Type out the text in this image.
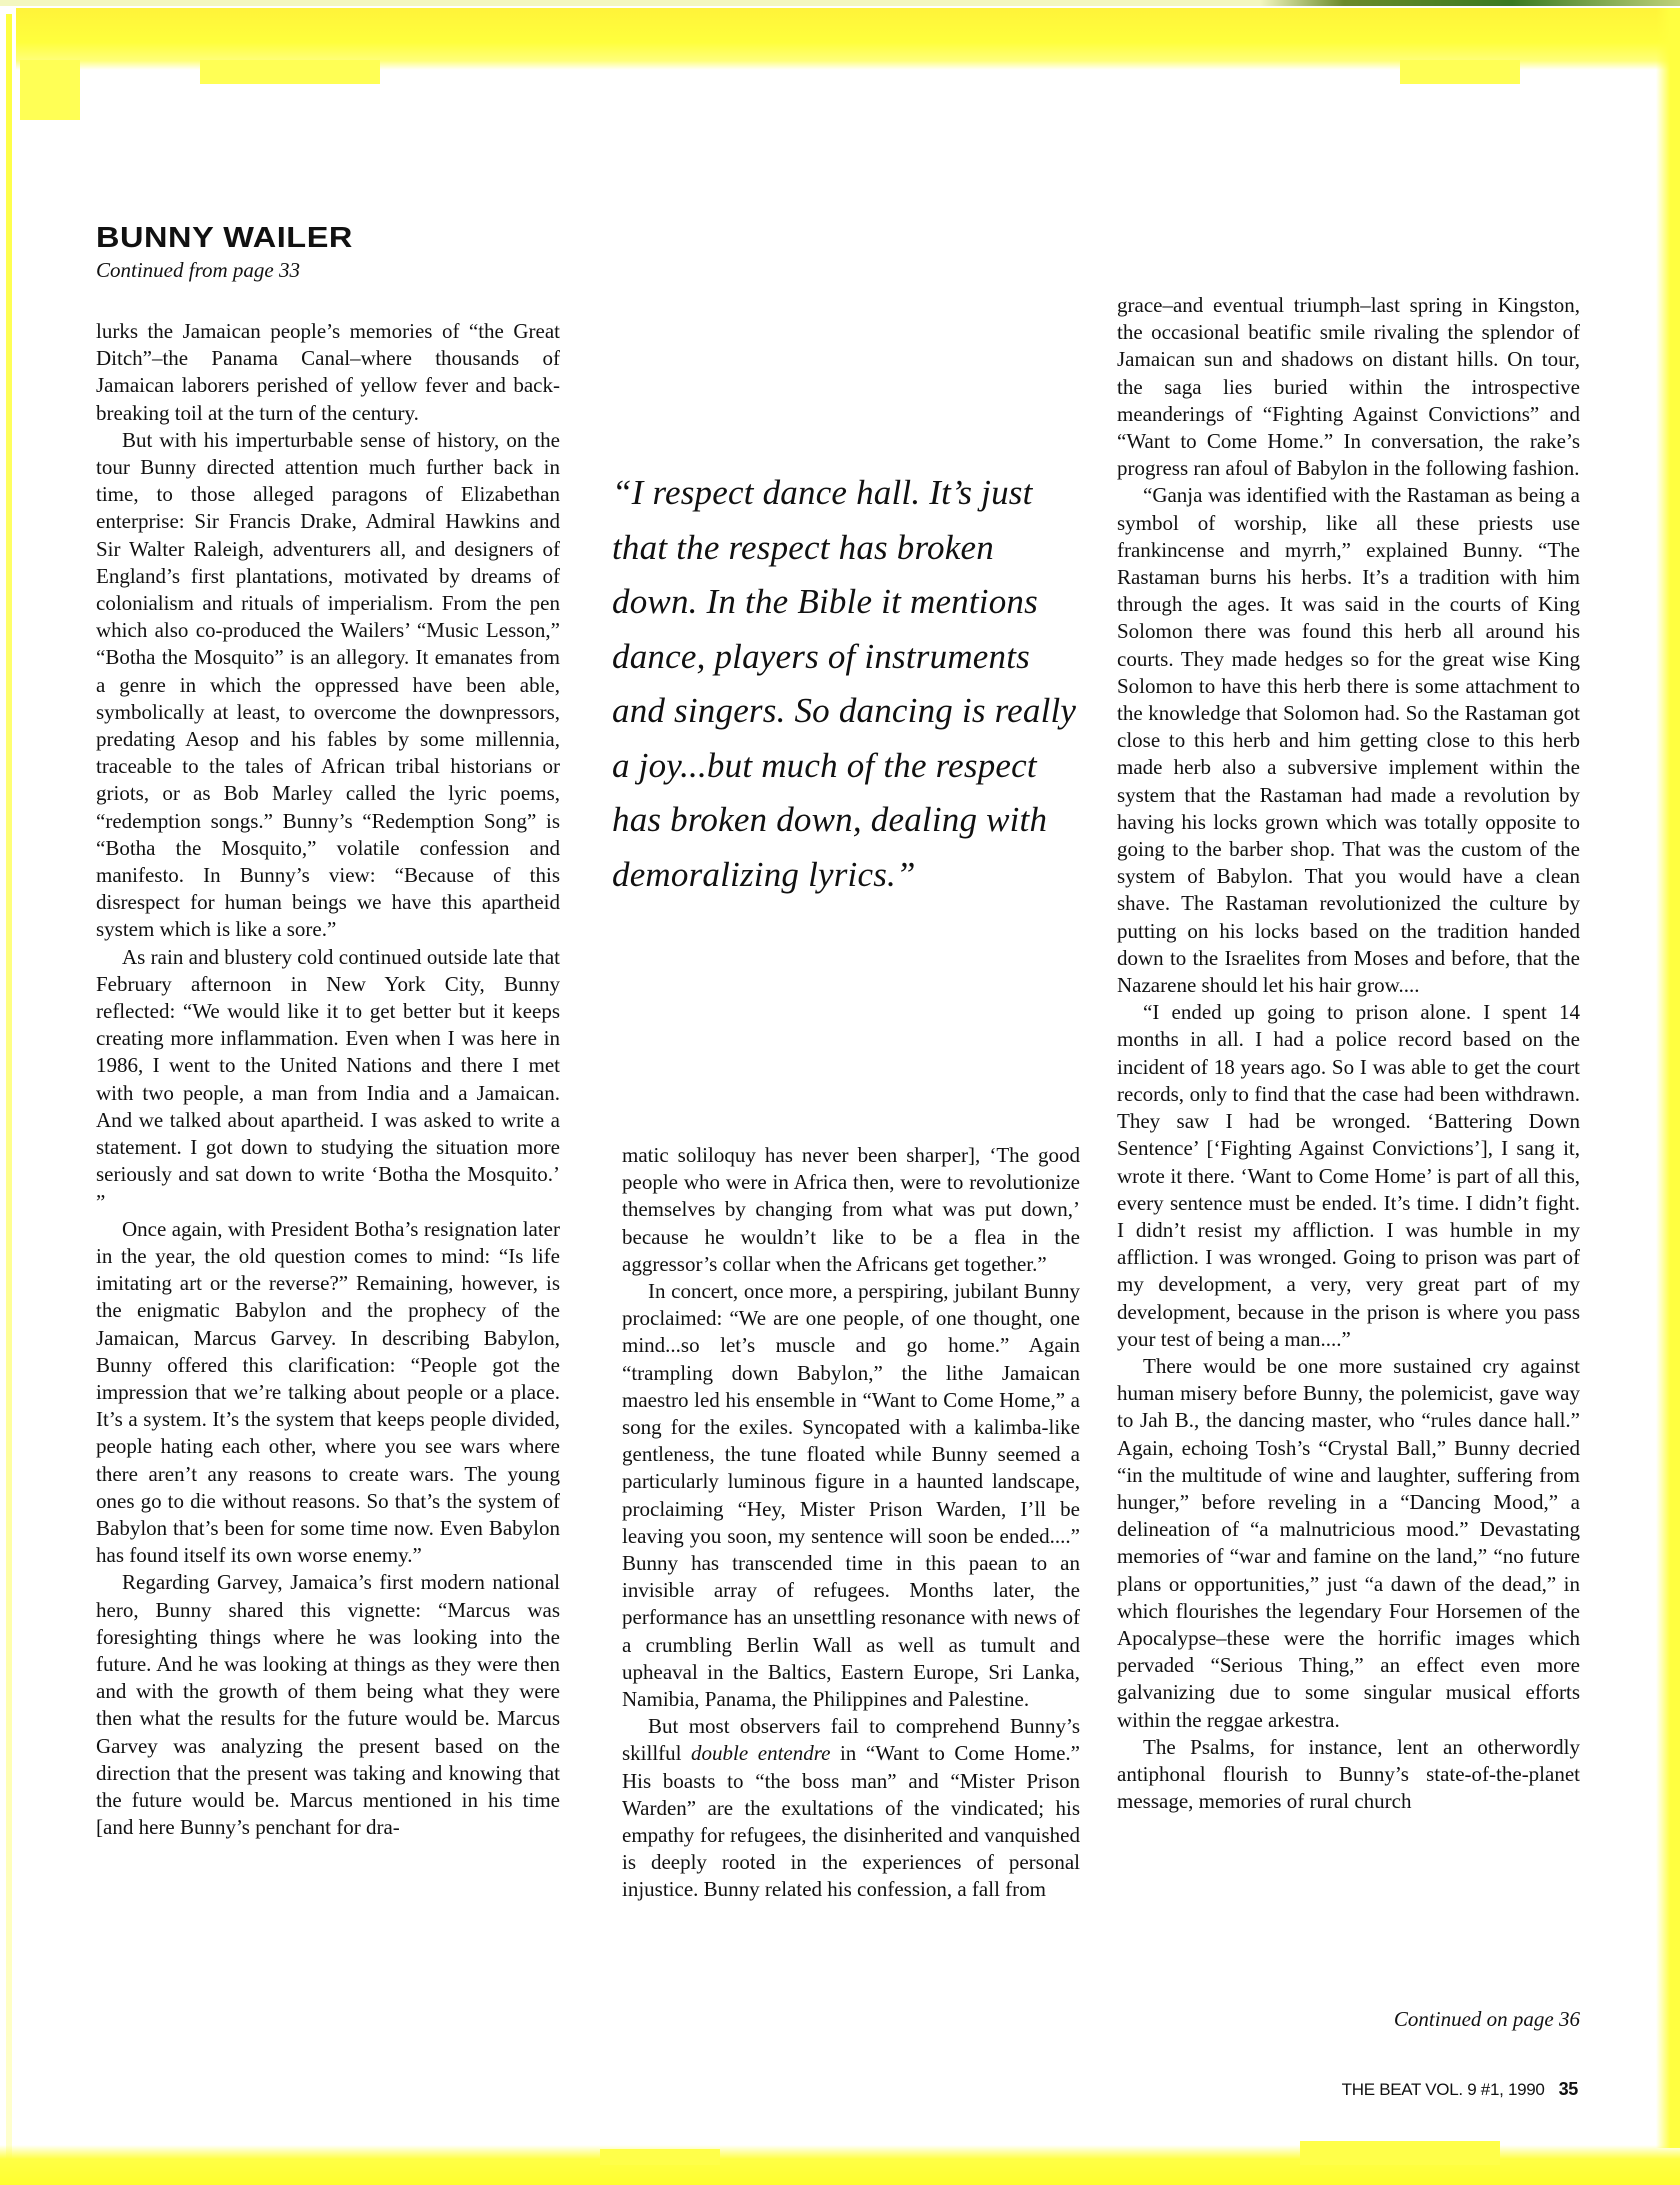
BUNNY WAILER

Continued from page 33

lurks the Jamaican people’s memories of “the Great Ditch”–the Panama Canal–where thousands of Jamaican laborers perished of yellow fever and back-breaking toil at the turn of the century.

But with his imperturbable sense of history, on the tour Bunny directed attention much further back in time, to those alleged paragons of Elizabethan enterprise: Sir Francis Drake, Admiral Hawkins and Sir Walter Raleigh, adventurers all, and designers of England’s first plantations, motivated by dreams of colonialism and rituals of imperialism. From the pen which also co-produced the Wailers’ “Music Lesson,” “Botha the Mosquito” is an allegory. It emanates from a genre in which the oppressed have been able, symbolically at least, to overcome the downpressors, predating Aesop and his fables by some millennia, traceable to the tales of African tribal historians or griots, or as Bob Marley called the lyric poems, “redemption songs.” Bunny’s “Redemption Song” is “Botha the Mosquito,” volatile confession and manifesto. In Bunny’s view: “Because of this disrespect for human beings we have this apartheid system which is like a sore.”

As rain and blustery cold continued outside late that February afternoon in New York City, Bunny reflected: “We would like it to get better but it keeps creating more inflammation. Even when I was here in 1986, I went to the United Nations and there I met with two people, a man from India and a Jamaican. And we talked about apartheid. I was asked to write a statement. I got down to studying the situation more seriously and sat down to write ‘Botha the Mosquito.’ ”

Once again, with President Botha’s resignation later in the year, the old question comes to mind: “Is life imitating art or the reverse?” Remaining, however, is the enigmatic Babylon and the prophecy of the Jamaican, Marcus Garvey. In describing Babylon, Bunny offered this clarification: “People got the impression that we’re talking about people or a place. It’s a system. It’s the system that keeps people divided, people hating each other, where you see wars where there aren’t any reasons to create wars. The young ones go to die without reasons. So that’s the system of Babylon that’s been for some time now. Even Babylon has found itself its own worse enemy.”

Regarding Garvey, Jamaica’s first modern national hero, Bunny shared this vignette: “Marcus was foresighting things where he was looking into the future. And he was looking at things as they were then and with the growth of them being what they were then what the results for the future would be. Marcus Garvey was analyzing the present based on the direction that the present was taking and knowing that the future would be. Marcus mentioned in his time [and here Bunny’s penchant for dra-

“I respect dance hall. It’s just that the respect has broken down. In the Bible it mentions dance, players of instruments and singers. So dancing is really a joy...but much of the respect has broken down, dealing with demoralizing lyrics.”

matic soliloquy has never been sharper], ‘The good people who were in Africa then, were to revolutionize themselves by changing from what was put down,’ because he wouldn’t like to be a flea in the aggressor’s collar when the Africans get together.”

In concert, once more, a perspiring, jubilant Bunny proclaimed: “We are one people, of one thought, one mind...so let’s muscle and go home.” Again “trampling down Babylon,” the lithe Jamaican maestro led his ensemble in “Want to Come Home,” a song for the exiles. Syncopated with a kalimba-like gentleness, the tune floated while Bunny seemed a particularly luminous figure in a haunted landscape, proclaiming “Hey, Mister Prison Warden, I’ll be leaving you soon, my sentence will soon be ended....” Bunny has transcended time in this paean to an invisible array of refugees. Months later, the performance has an unsettling resonance with news of a crumbling Berlin Wall as well as tumult and upheaval in the Baltics, Eastern Europe, Sri Lanka, Namibia, Panama, the Philippines and Palestine.

But most observers fail to comprehend Bunny’s skillful double entendre in “Want to Come Home.” His boasts to “the boss man” and “Mister Prison Warden” are the exultations of the vindicated; his empathy for refugees, the disinherited and vanquished is deeply rooted in the experiences of personal injustice. Bunny related his confession, a fall from

grace–and eventual triumph–last spring in Kingston, the occasional beatific smile rivaling the splendor of Jamaican sun and shadows on distant hills. On tour, the saga lies buried within the introspective meanderings of “Fighting Against Convictions” and “Want to Come Home.” In conversation, the rake’s progress ran afoul of Babylon in the following fashion.

“Ganja was identified with the Rastaman as being a symbol of worship, like all these priests use frankincense and myrrh,” explained Bunny. “The Rastaman burns his herbs. It’s a tradition with him through the ages. It was said in the courts of King Solomon there was found this herb all around his courts. They made hedges so for the great wise King Solomon to have this herb there is some attachment to the knowledge that Solomon had. So the Rastaman got close to this herb and him getting close to this herb made herb also a subversive implement within the system that the Rastaman had made a revolution by having his locks grown which was totally opposite to going to the barber shop. That was the custom of the system of Babylon. That you would have a clean shave. The Rastaman revolutionized the culture by putting on his locks based on the tradition handed down to the Israelites from Moses and before, that the Nazarene should let his hair grow....

“I ended up going to prison alone. I spent 14 months in all. I had a police record based on the incident of 18 years ago. So I was able to get the court records, only to find that the case had been withdrawn. They saw I had be wronged. ‘Battering Down Sentence’ [‘Fighting Against Convictions’], I sang it, wrote it there. ‘Want to Come Home’ is part of all this, every sentence must be ended. It’s time. I didn’t fight. I didn’t resist my affliction. I was humble in my affliction. I was wronged. Going to prison was part of my development, a very, very great part of my development, because in the prison is where you pass your test of being a man....”

There would be one more sustained cry against human misery before Bunny, the polemicist, gave way to Jah B., the dancing master, who “rules dance hall.” Again, echoing Tosh’s “Crystal Ball,” Bunny decried “in the multitude of wine and laughter, suffering from hunger,” before reveling in a “Dancing Mood,” a delineation of “a malnutricious mood.” Devastating memories of “war and famine on the land,” “no future plans or opportunities,” just “a dawn of the dead,” in which flourishes the legendary Four Horsemen of the Apocalypse–these were the horrific images which pervaded “Serious Thing,” an effect even more galvanizing due to some singular musical efforts within the reggae arkestra.

The Psalms, for instance, lent an otherwordly antiphonal flourish to Bunny’s state-of-the-planet message, memories of rural church

Continued on page 36

THE BEAT VOL. 9 #1, 1990 35
